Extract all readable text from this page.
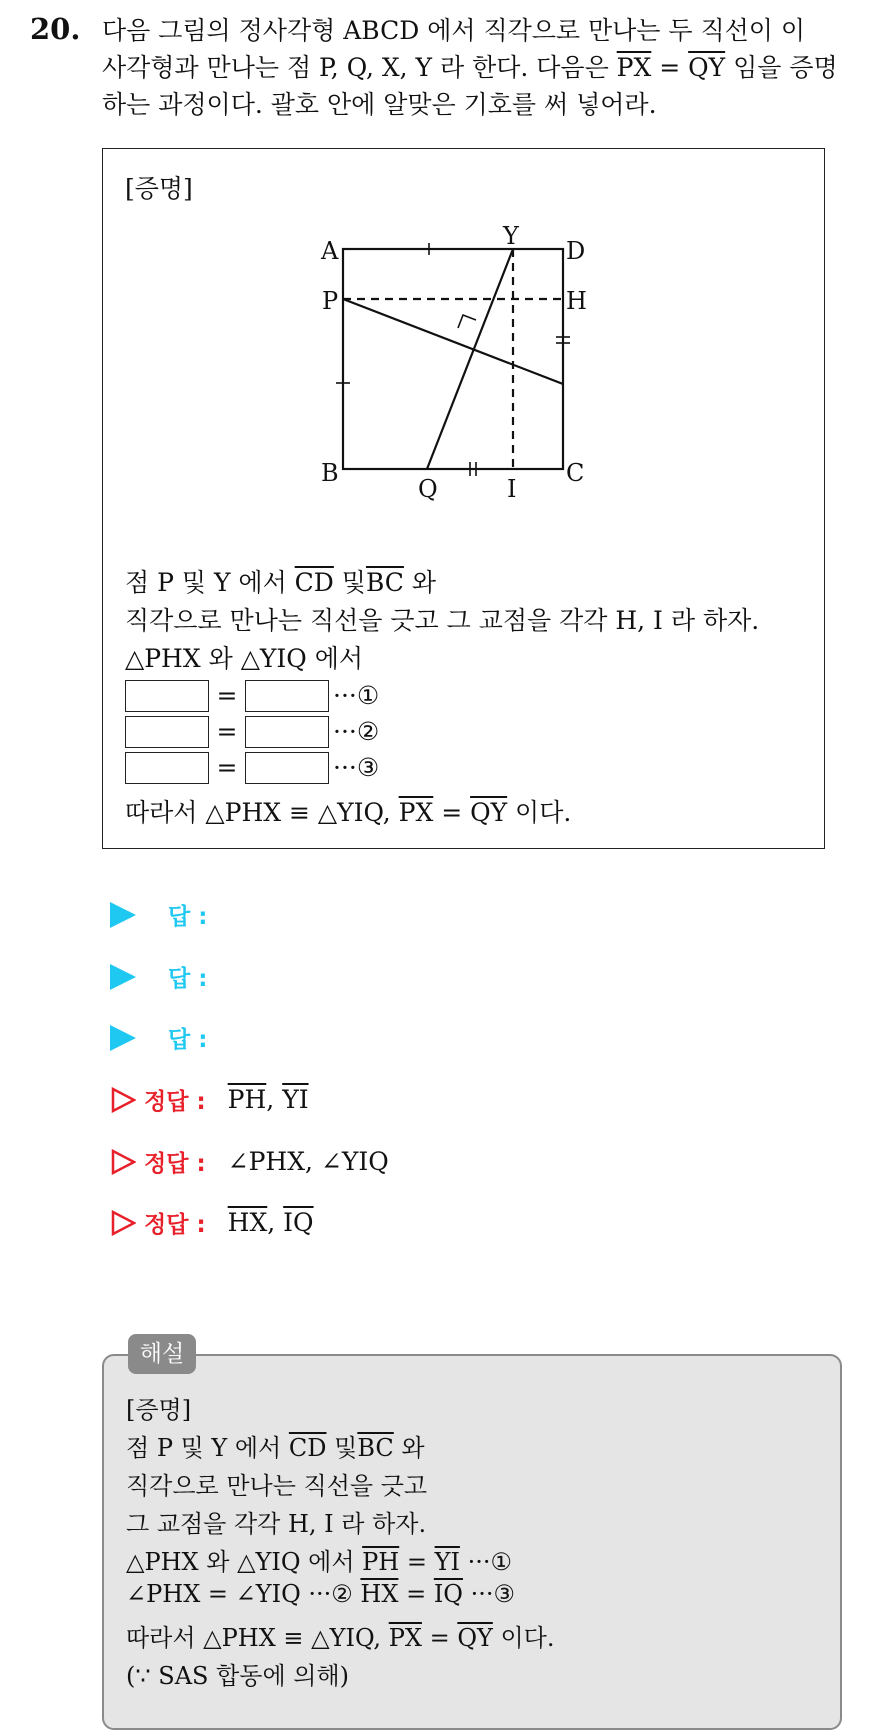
20. 다음 그림의 정사각형 ABCD 에서 직각으로 만나는 두 직선이 이
사각형과 만나는 점 P, Q, X, Y 라 한다. 다음은 $\overline{PX} = \overline{QY}$ 임을 증명
하는 과정이다. 괄호 안에 알맞은 기호를 써 넣어라.
[증명]
A	D
P	H
Y
B	C
Q	I
점 P 및 Y 에서 $\overline{CD}$ 및$\overline{BC}$ 와
직각으로 만나는 직선을 긋고 그 교점을 각각 H, I 라 하자.
△PHX 와 △YIQ 에서
=	···①
=	···②
=	···③
따라서 △PHX ≡ △YIQ, $\overline{PX} = \overline{QY}$ 이다.
답 :
답 :
답 :
정답 : $\overline{PH}$, $\overline{YI}$
정답 : ∠PHX, ∠YIQ
정답 : $\overline{HX}$, $\overline{IQ}$
[증명]
점 P 및 Y 에서 $\overline{CD}$ 및$\overline{BC}$ 와
직각으로 만나는 직선을 긋고
그 교점을 각각 H, I 라 하자.
△PHX 와 △YIQ 에서 $\overline{PH} = \overline{YI}$ ···①
∠PHX = ∠YIQ ···② $\overline{HX} = \overline{IQ}$ ···③
따라서 △PHX ≡ △YIQ, $\overline{PX} = \overline{QY}$ 이다.
(∵ SAS 합동에 의해)
해설
